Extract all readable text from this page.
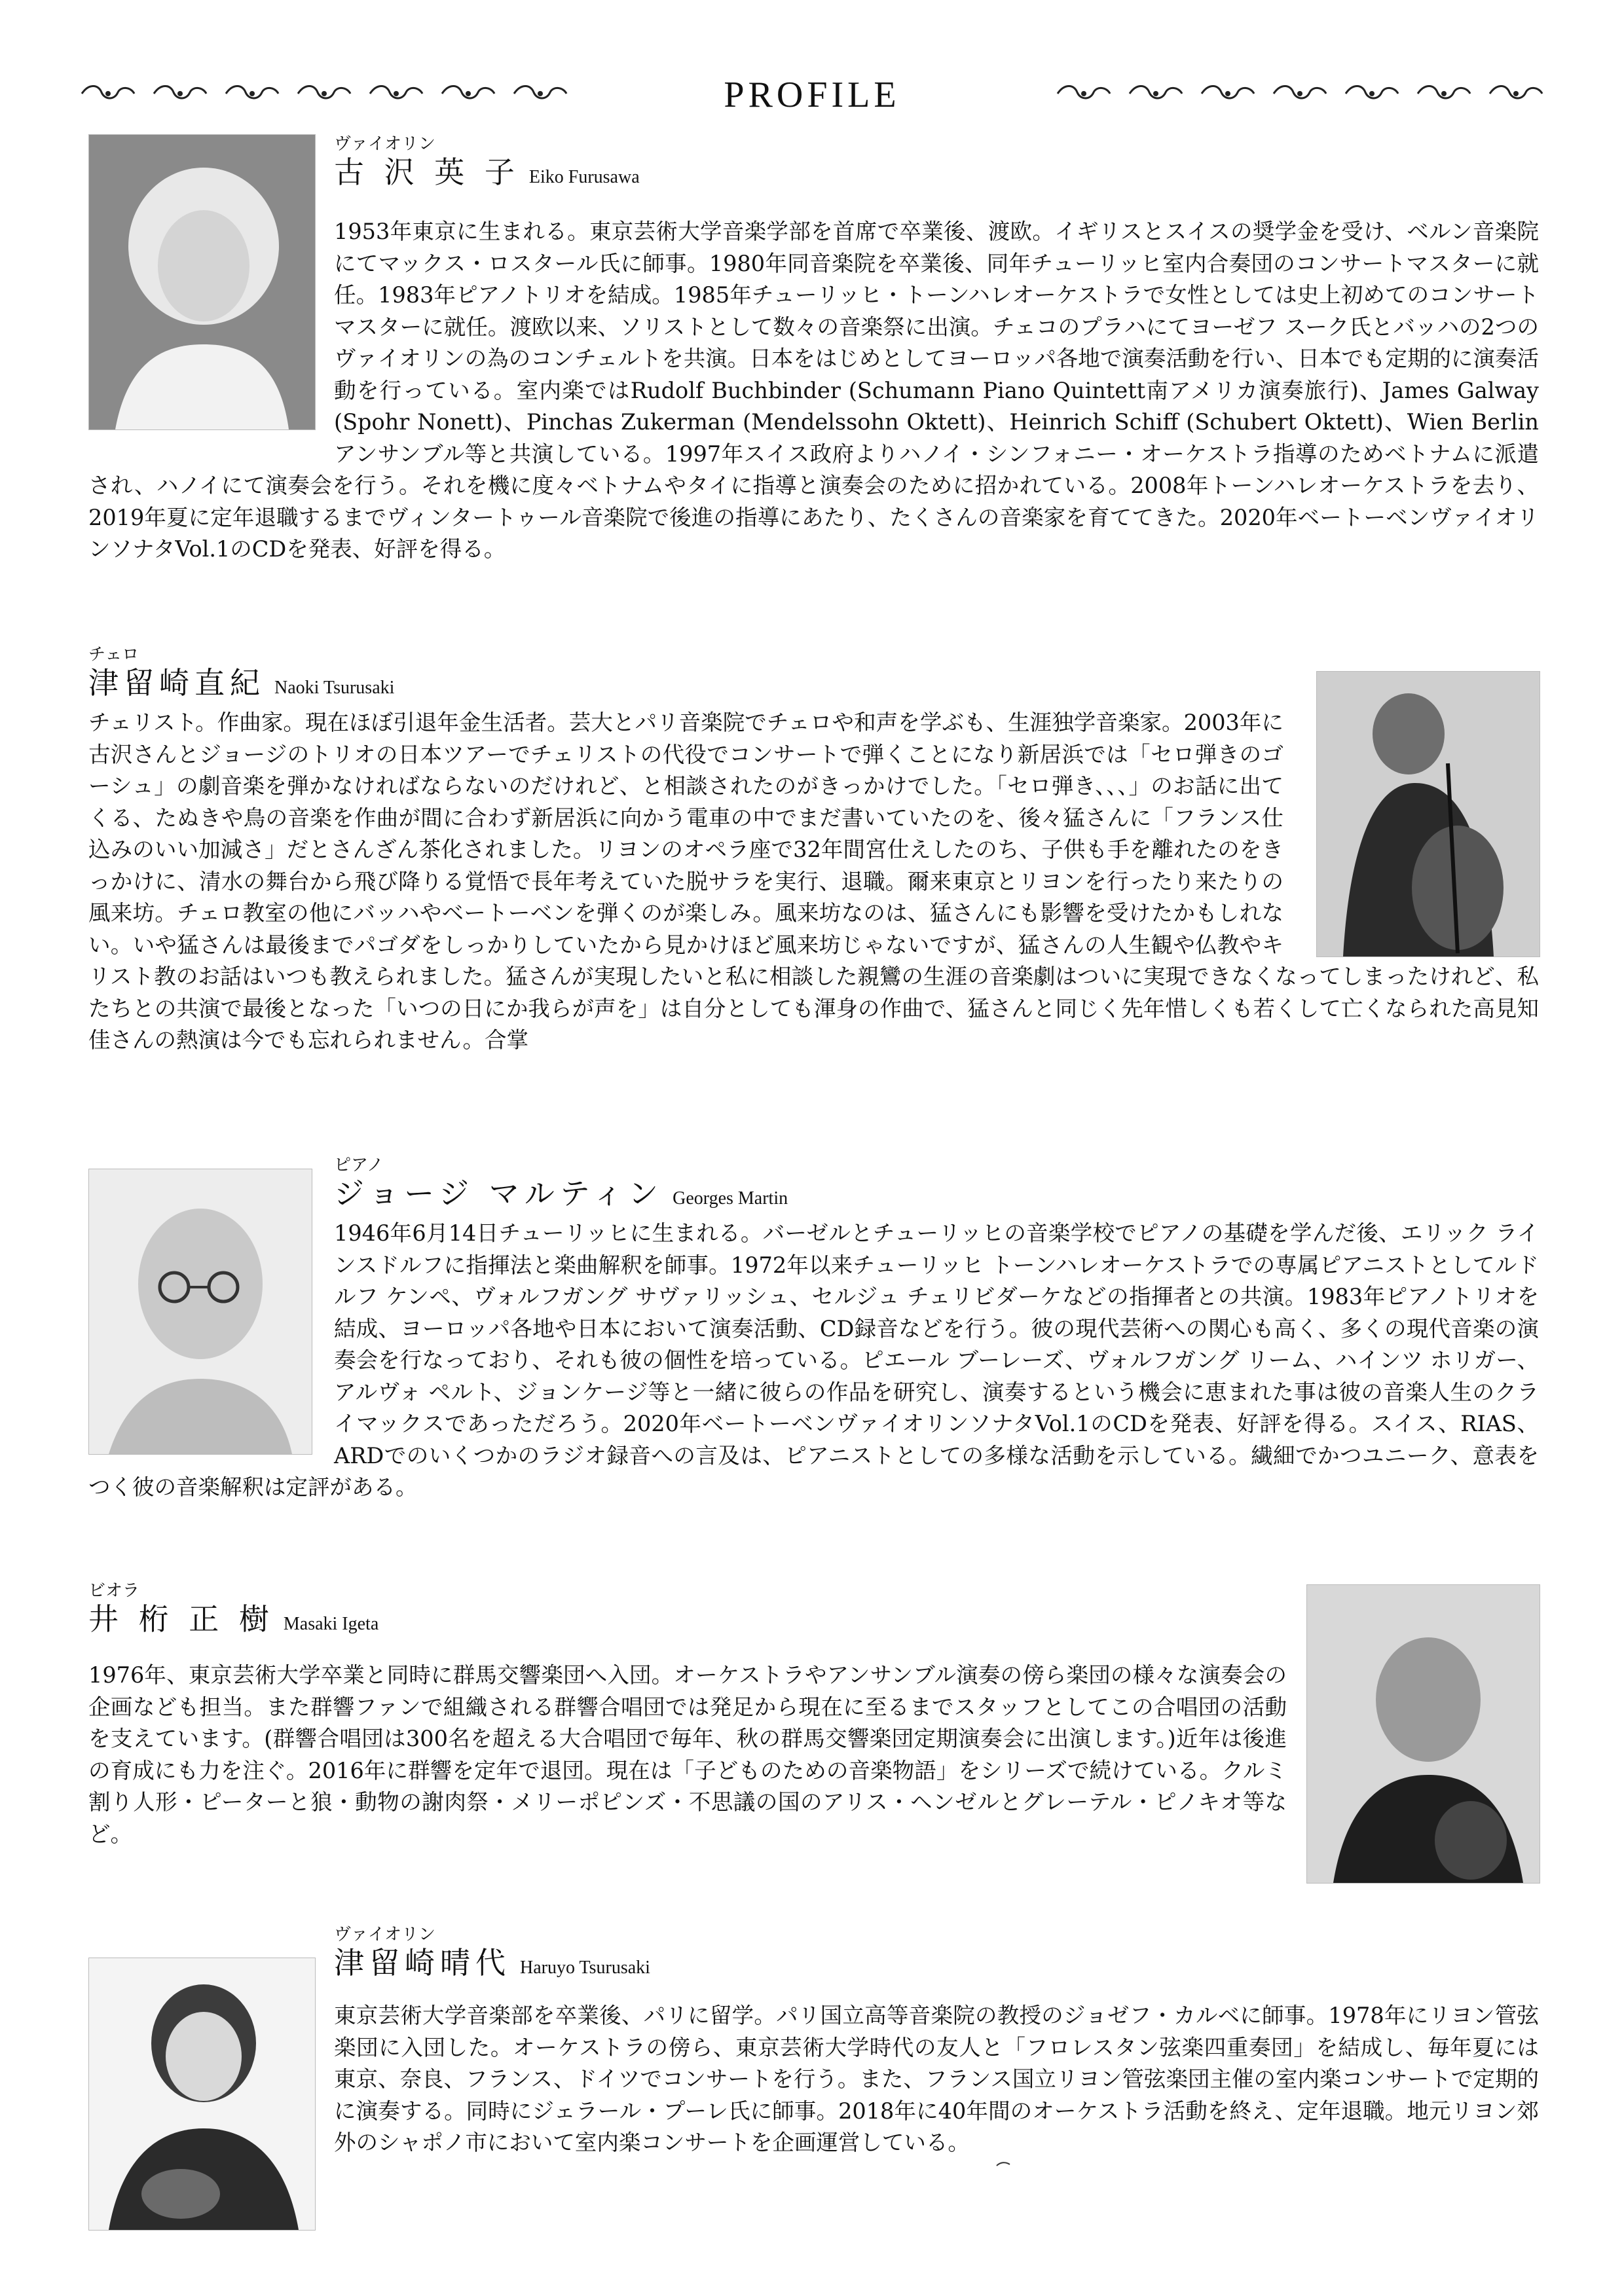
PROFILE
ヴァイオリン
古 沢 英 子 Eiko Furusawa

1953年東京に生まれる。東京芸術大学音楽学部を首席で卒業後、渡欧。イギリスとスイスの奨学金を受け、ベルン音楽院にてマックス・ロスタール氏に師事。1980年同音楽院を卒業後、同年チューリッヒ室内合奏団のコンサートマスターに就任。1983年ピアノトリオを結成。1985年チューリッヒ・トーンハレオーケストラで女性としては史上初めてのコンサートマスターに就任。渡欧以来、ソリストとして数々の音楽祭に出演。チェコのプラハにてヨーゼフ スーク氏とバッハの2つのヴァイオリンの為のコンチェルトを共演。日本をはじめとしてヨーロッパ各地で演奏活動を行い、日本でも定期的に演奏活動を行っている。室内楽ではRudolf Buchbinder (Schumann Piano Quintett南アメリカ演奏旅行)、James Galway (Spohr Nonett)、Pinchas Zukerman (Mendelssohn Oktett)、Heinrich Schiff (Schubert Oktett)、Wien Berlinアンサンブル等と共演している。1997年スイス政府よりハノイ・シンフォニー・オーケストラ指導のためベトナムに派遣され、ハノイにて演奏会を行う。それを機に度々ベトナムやタイに指導と演奏会のために招かれている。2008年トーンハレオーケストラを去り、2019年夏に定年退職するまでヴィンタートゥール音楽院で後進の指導にあたり、たくさんの音楽家を育ててきた。2020年ベートーベンヴァイオリンソナタVol.1のCDを発表、好評を得る。

チェロ
津留崎直紀 Naoki Tsurusaki

チェリスト。作曲家。現在ほぼ引退年金生活者。芸大とパリ音楽院でチェロや和声を学ぶも、生涯独学音楽家。2003年に古沢さんとジョージのトリオの日本ツアーでチェリストの代役でコンサートで弾くことになり新居浜では「セロ弾きのゴーシュ」の劇音楽を弾かなければならないのだけれど、と相談されたのがきっかけでした。「セロ弾き、、、」のお話に出てくる、たぬきや鳥の音楽を作曲が間に合わず新居浜に向かう電車の中でまだ書いていたのを、後々猛さんに「フランス仕込みのいい加減さ」だとさんざん茶化されました。リヨンのオペラ座で32年間宮仕えしたのち、子供も手を離れたのをきっかけに、清水の舞台から飛び降りる覚悟で長年考えていた脱サラを実行、退職。爾来東京とリヨンを行ったり来たりの風来坊。チェロ教室の他にバッハやベートーベンを弾くのが楽しみ。風来坊なのは、猛さんにも影響を受けたかもしれない。いや猛さんは最後までパゴダをしっかりしていたから見かけほど風来坊じゃないですが、猛さんの人生観や仏教やキリスト教のお話はいつも教えられました。猛さんが実現したいと私に相談した親鸞の生涯の音楽劇はついに実現できなくなってしまったけれど、私たちとの共演で最後となった「いつの日にか我らが声を」は自分としても渾身の作曲で、猛さんと同じく先年惜しくも若くして亡くなられた高見知佳さんの熱演は今でも忘れられません。合掌

ピアノ
ジョージ マルティン Georges Martin

1946年6月14日チューリッヒに生まれる。バーゼルとチューリッヒの音楽学校でピアノの基礎を学んだ後、エリック ラインスドルフに指揮法と楽曲解釈を師事。1972年以来チューリッヒ トーンハレオーケストラでの専属ピアニストとしてルドルフ ケンペ、ヴォルフガング サヴァリッシュ、セルジュ チェリビダーケなどの指揮者との共演。1983年ピアノトリオを結成、ヨーロッパ各地や日本において演奏活動、CD録音などを行う。彼の現代芸術への関心も高く、多くの現代音楽の演奏会を行なっており、それも彼の個性を培っている。ピエール ブーレーズ、ヴォルフガング リーム、ハインツ ホリガー、アルヴォ ペルト、ジョンケージ等と一緒に彼らの作品を研究し、演奏するという機会に恵まれた事は彼の音楽人生のクライマックスであっただろう。2020年ベートーベンヴァイオリンソナタVol.1のCDを発表、好評を得る。スイス、RIAS、ARDでのいくつかのラジオ録音への言及は、ピアニストとしての多様な活動を示している。繊細でかつユニーク、意表をつく彼の音楽解釈は定評がある。

ビオラ
井 桁 正 樹 Masaki Igeta

1976年、東京芸術大学卒業と同時に群馬交響楽団へ入団。オーケストラやアンサンブル演奏の傍ら楽団の様々な演奏会の企画なども担当。また群響ファンで組織される群響合唱団では発足から現在に至るまでスタッフとしてこの合唱団の活動を支えています。(群響合唱団は300名を超える大合唱団で毎年、秋の群馬交響楽団定期演奏会に出演します。)近年は後進の育成にも力を注ぐ。2016年に群響を定年で退団。現在は「子どものための音楽物語」をシリーズで続けている。クルミ割り人形・ピーターと狼・動物の謝肉祭・メリーポピンズ・不思議の国のアリス・ヘンゼルとグレーテル・ピノキオ等など。

ヴァイオリン
津留崎晴代 Haruyo Tsurusaki

東京芸術大学音楽部を卒業後、パリに留学。パリ国立高等音楽院の教授のジョゼフ・カルベに師事。1978年にリヨン管弦楽団に入団した。オーケストラの傍ら、東京芸術大学時代の友人と「フロレスタン弦楽四重奏団」を結成し、毎年夏には東京、奈良、フランス、ドイツでコンサートを行う。また、フランス国立リヨン管弦楽団主催の室内楽コンサートで定期的に演奏する。同時にジェラール・プーレ氏に師事。2018年に40年間のオーケストラ活動を終え、定年退職。地元リヨン郊外のシャポノ市において室内楽コンサートを企画運営している。
